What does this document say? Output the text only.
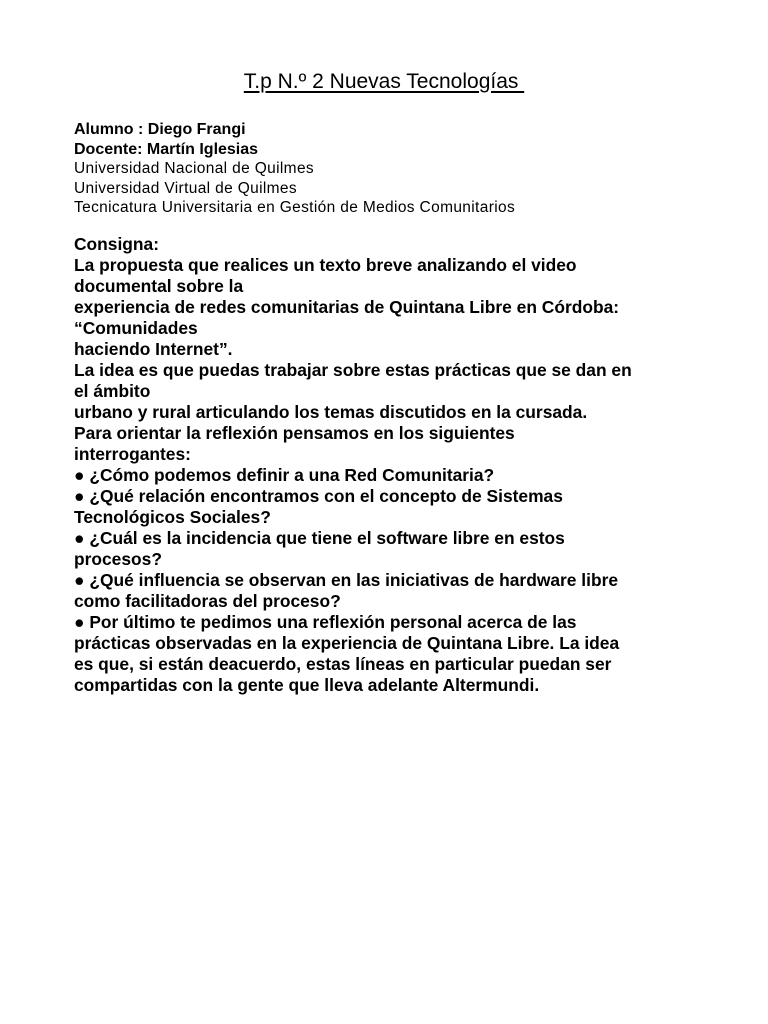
T.p N.º 2 Nuevas Tecnologías
Alumno : Diego Frangi
Docente: Martín Iglesias
Universidad Nacional de Quilmes
Universidad Virtual de Quilmes
Tecnicatura Universitaria en Gestión de Medios Comunitarios
Consigna:
La propuesta que realices un texto breve analizando el video
documental sobre la
experiencia de redes comunitarias de Quintana Libre en Córdoba:
“Comunidades
haciendo Internet”.
La idea es que puedas trabajar sobre estas prácticas que se dan en
el ámbito
urbano y rural articulando los temas discutidos en la cursada.
Para orientar la reflexión pensamos en los siguientes
interrogantes:
● ¿Cómo podemos definir a una Red Comunitaria?
● ¿Qué relación encontramos con el concepto de Sistemas
Tecnológicos Sociales?
● ¿Cuál es la incidencia que tiene el software libre en estos
procesos?
● ¿Qué influencia se observan en las iniciativas de hardware libre
como facilitadoras del proceso?
● Por último te pedimos una reflexión personal acerca de las
prácticas observadas en la experiencia de Quintana Libre. La idea
es que, si están deacuerdo, estas líneas en particular puedan ser
compartidas con la gente que lleva adelante Altermundi.
